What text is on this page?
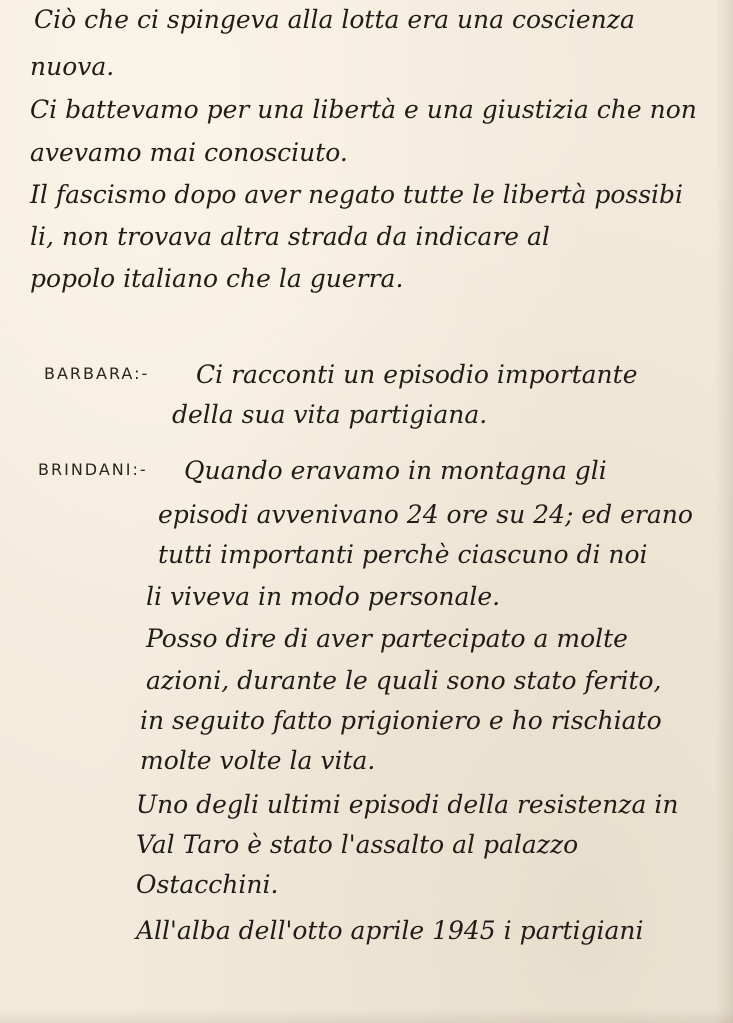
Ciò che ci spingeva alla lotta era una coscienza
nuova.
Ci battevamo per una libertà e una giustizia che non
avevamo mai conosciuto.
Il fascismo dopo aver negato tutte le libertà possibi
li, non trovava altra strada da indicare al
popolo italiano che la guerra.
BARBARA:- Ci racconti un episodio importante
della sua vita partigiana.
BRINDANI:- Quando eravamo in montagna gli
episodi avvenivano 24 ore su 24; ed erano
tutti importanti perchè ciascuno di noi
li viveva in modo personale.
Posso dire di aver partecipato a molte
azioni, durante le quali sono stato ferito,
in seguito fatto prigioniero e ho rischiato
molte volte la vita.
Uno degli ultimi episodi della resistenza in
Val Taro è stato l'assalto al palazzo
Ostacchini.
All'alba dell'otto aprile 1945 i partigiani
